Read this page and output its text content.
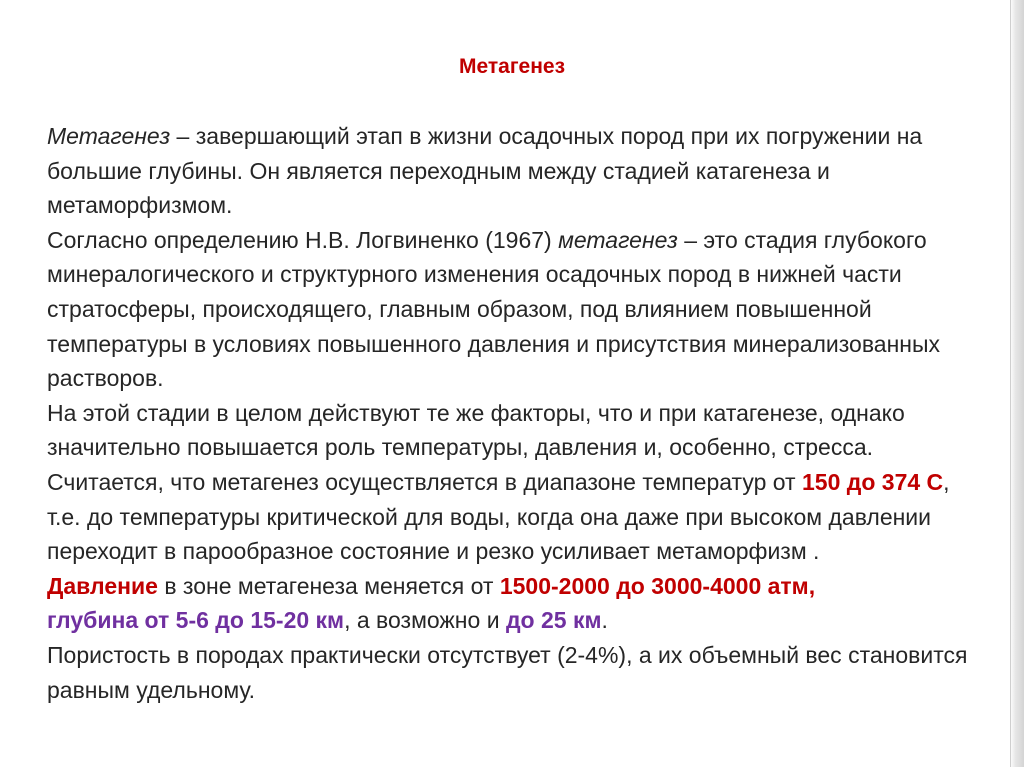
Метагенез

Метагенез – завершающий этап в жизни осадочных пород при их погружении на большие глубины. Он является переходным между стадией катагенеза и метаморфизмом.

Согласно определению Н.В. Логвиненко (1967) метагенез – это стадия глубокого минералогического и структурного изменения осадочных пород в нижней части стратосферы, происходящего, главным образом, под влиянием повышенной температуры в условиях повышенного давления и присутствия минерализованных растворов.

На этой стадии в целом действуют те же факторы, что и при катагенезе, однако значительно повышается роль температуры, давления и, особенно, стресса. Считается, что метагенез осуществляется в диапазоне температур от 150 до 374 С, т.е. до температуры критической для воды, когда она даже при высоком давлении переходит в парообразное состояние и резко усиливает метаморфизм .

Давление в зоне метагенеза меняется от 1500-2000 до 3000-4000 атм,
глубина от 5-6 до 15-20 км, а возможно и до 25 км.

Пористость в породах практически отсутствует (2-4%), а их объемный вес становится равным удельному.
